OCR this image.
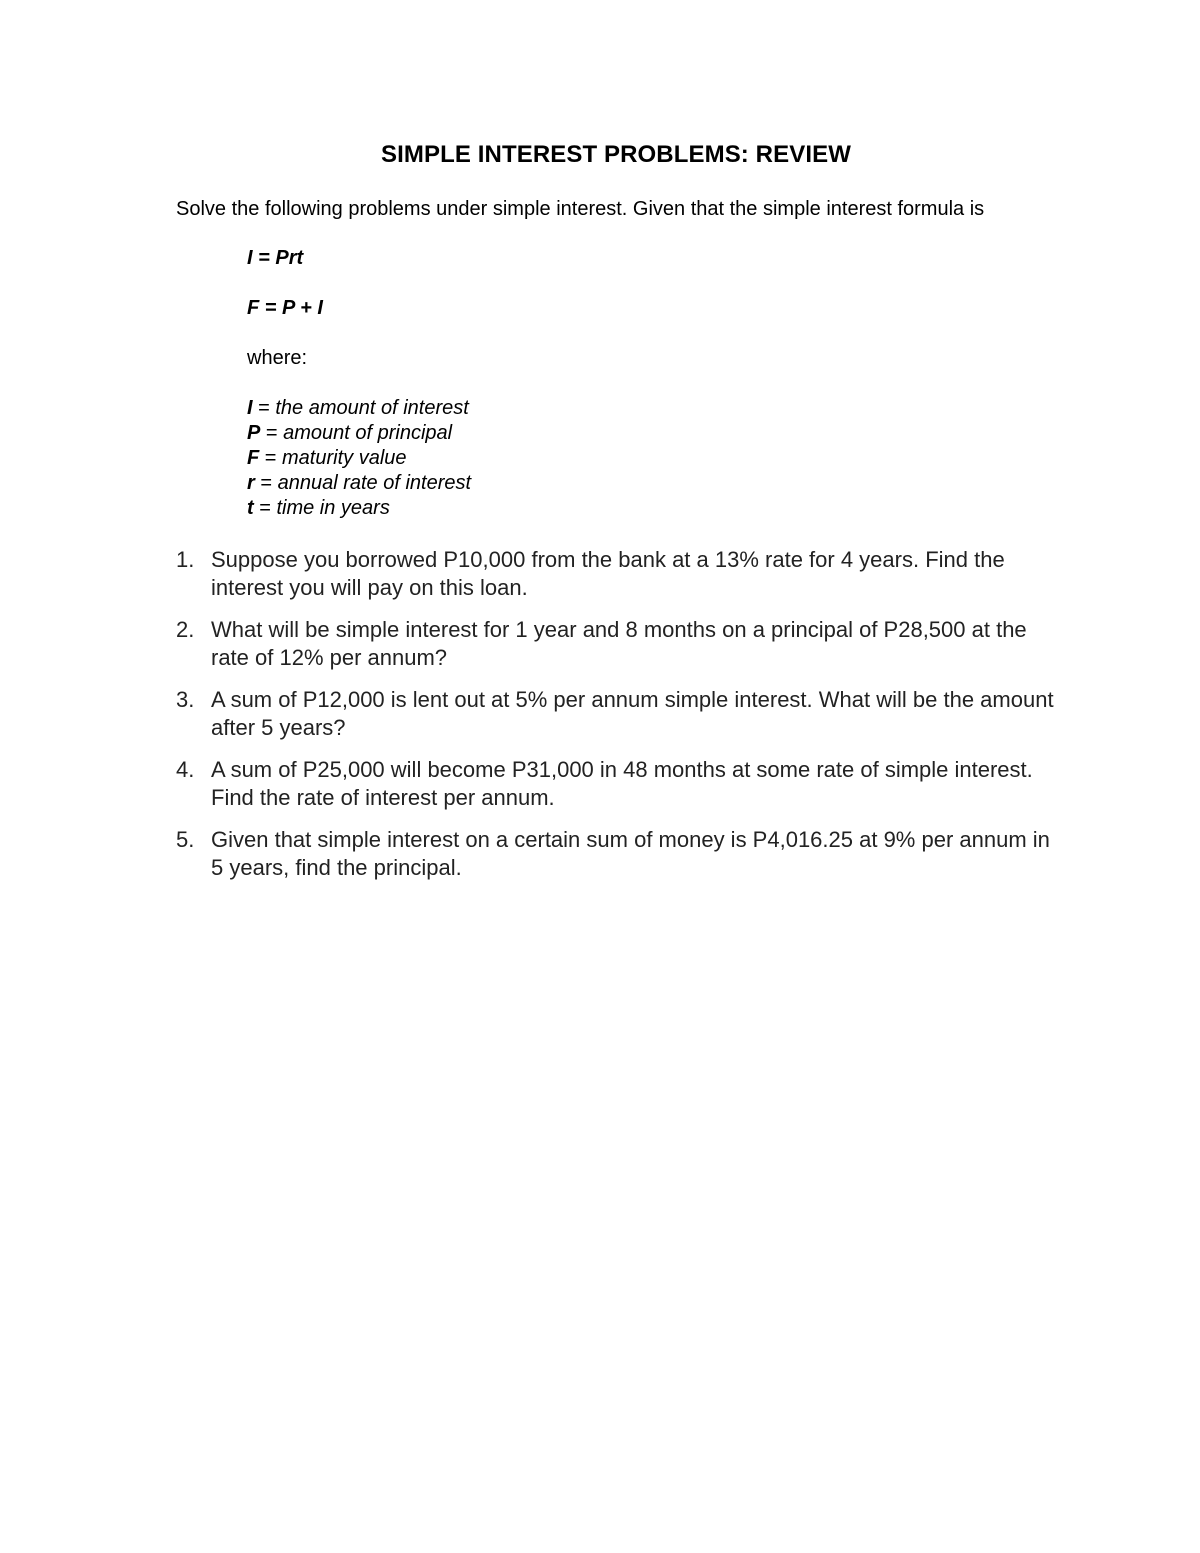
SIMPLE INTEREST PROBLEMS: REVIEW
Solve the following problems under simple interest. Given that the simple interest formula is
I = Prt
F = P + I
where:
I = the amount of interest
P = amount of principal
F = maturity value
r = annual rate of interest
t = time in years
1. Suppose you borrowed P10,000 from the bank at a 13% rate for 4 years. Find the interest you will pay on this loan.
2. What will be simple interest for 1 year and 8 months on a principal of P28,500 at the rate of 12% per annum?
3. A sum of P12,000 is lent out at 5% per annum simple interest. What will be the amount after 5 years?
4. A sum of P25,000 will become P31,000 in 48 months at some rate of simple interest. Find the rate of interest per annum.
5. Given that simple interest on a certain sum of money is P4,016.25 at 9% per annum in 5 years, find the principal.
